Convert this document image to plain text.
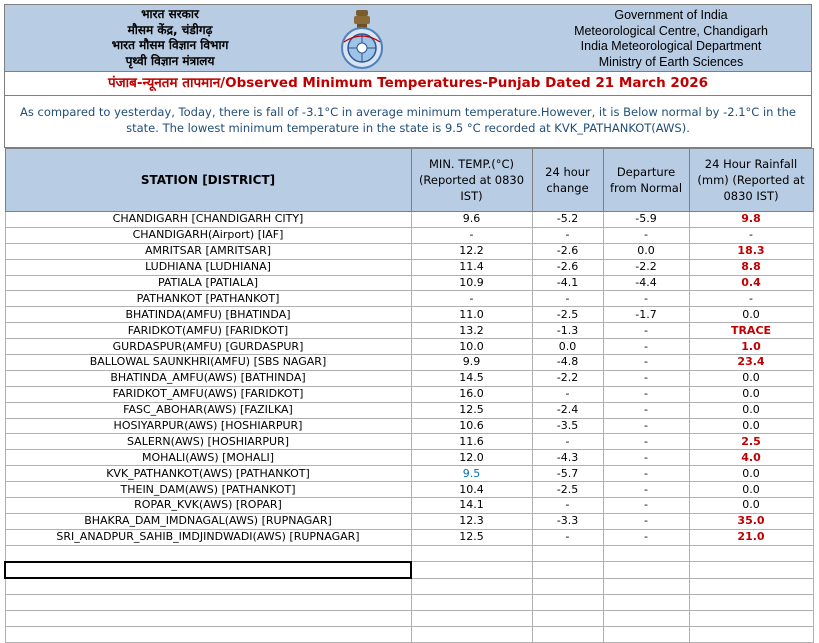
भारत सरकार
मौसम केंद्र, चंडीगढ़
भारत मौसम विज्ञान विभाग
पृथ्वी विज्ञान मंत्रालय
Government of India
Meteorological Centre, Chandigarh
India Meteorological Department
Ministry of Earth Sciences
पंजाब-न्यूनतम तापमान/Observed Minimum Temperatures-Punjab Dated 21 March 2026
As compared to yesterday, Today, there is fall of -3.1°C in average minimum temperature.However, it is Below normal by -2.1°C in the state. The lowest minimum temperature in the state is 9.5 °C recorded at KVK_PATHANKOT(AWS).
STATION [DISTRICT]	MIN. TEMP.(°C) (Reported at 0830 IST)	24 hour change	Departure from Normal	24 Hour Rainfall (mm) (Reported at 0830 IST)
CHANDIGARH [CHANDIGARH CITY]	9.6	-5.2	-5.9	9.8
CHANDIGARH(Airport) [IAF]	-	-	-	-
AMRITSAR [AMRITSAR]	12.2	-2.6	0.0	18.3
LUDHIANA [LUDHIANA]	11.4	-2.6	-2.2	8.8
PATIALA [PATIALA]	10.9	-4.1	-4.4	0.4
PATHANKOT [PATHANKOT]	-	-	-	-
BHATINDA(AMFU) [BHATINDA]	11.0	-2.5	-1.7	0.0
FARIDKOT(AMFU) [FARIDKOT]	13.2	-1.3	-	TRACE
GURDASPUR(AMFU) [GURDASPUR]	10.0	0.0	-	1.0
BALLOWAL SAUNKHRI(AMFU) [SBS NAGAR]	9.9	-4.8	-	23.4
BHATINDA_AMFU(AWS) [BATHINDA]	14.5	-2.2	-	0.0
FARIDKOT_AMFU(AWS) [FARIDKOT]	16.0	-	-	0.0
FASC_ABOHAR(AWS) [FAZILKA]	12.5	-2.4	-	0.0
HOSIYARPUR(AWS) [HOSHIARPUR]	10.6	-3.5	-	0.0
SALERN(AWS) [HOSHIARPUR]	11.6	-	-	2.5
MOHALI(AWS) [MOHALI]	12.0	-4.3	-	4.0
KVK_PATHANKOT(AWS) [PATHANKOT]	9.5	-5.7	-	0.0
THEIN_DAM(AWS) [PATHANKOT]	10.4	-2.5	-	0.0
ROPAR_KVK(AWS) [ROPAR]	14.1	-	-	0.0
BHAKRA_DAM_IMDNAGAL(AWS) [RUPNAGAR]	12.3	-3.3	-	35.0
SRI_ANADPUR_SAHIB_IMDJINDWADI(AWS) [RUPNAGAR]	12.5	-	-	21.0
